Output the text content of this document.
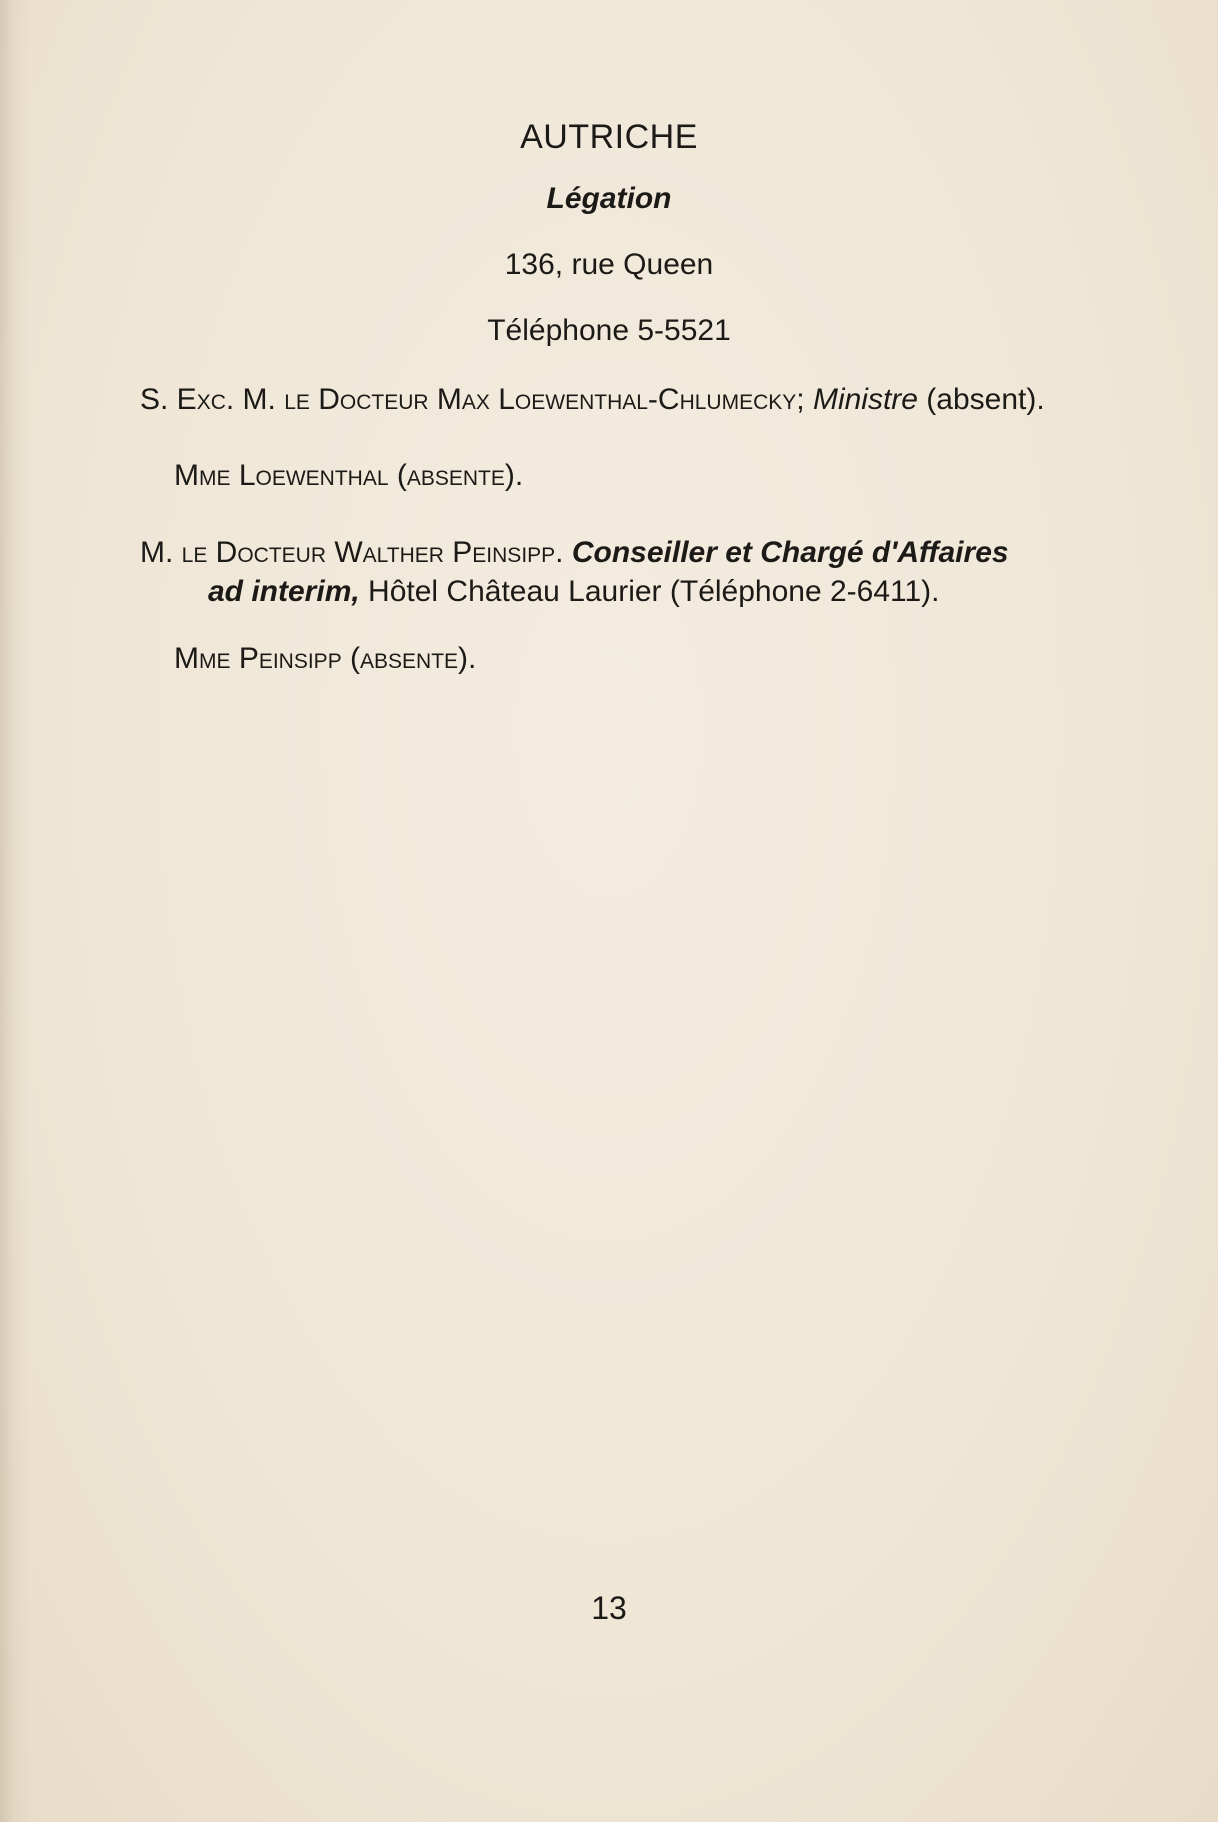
AUTRICHE
Légation
136, rue Queen
Téléphone 5-5521
S. Exc. M. le Docteur Max Loewenthal-Chlumecky; Ministre (absent).
Mme Loewenthal (absente).
M. le Docteur Walther Peinsipp. Conseiller et Chargé d'Affaires ad interim, Hôtel Château Laurier (Téléphone 2-6411).
Mme Peinsipp (absente).
13
